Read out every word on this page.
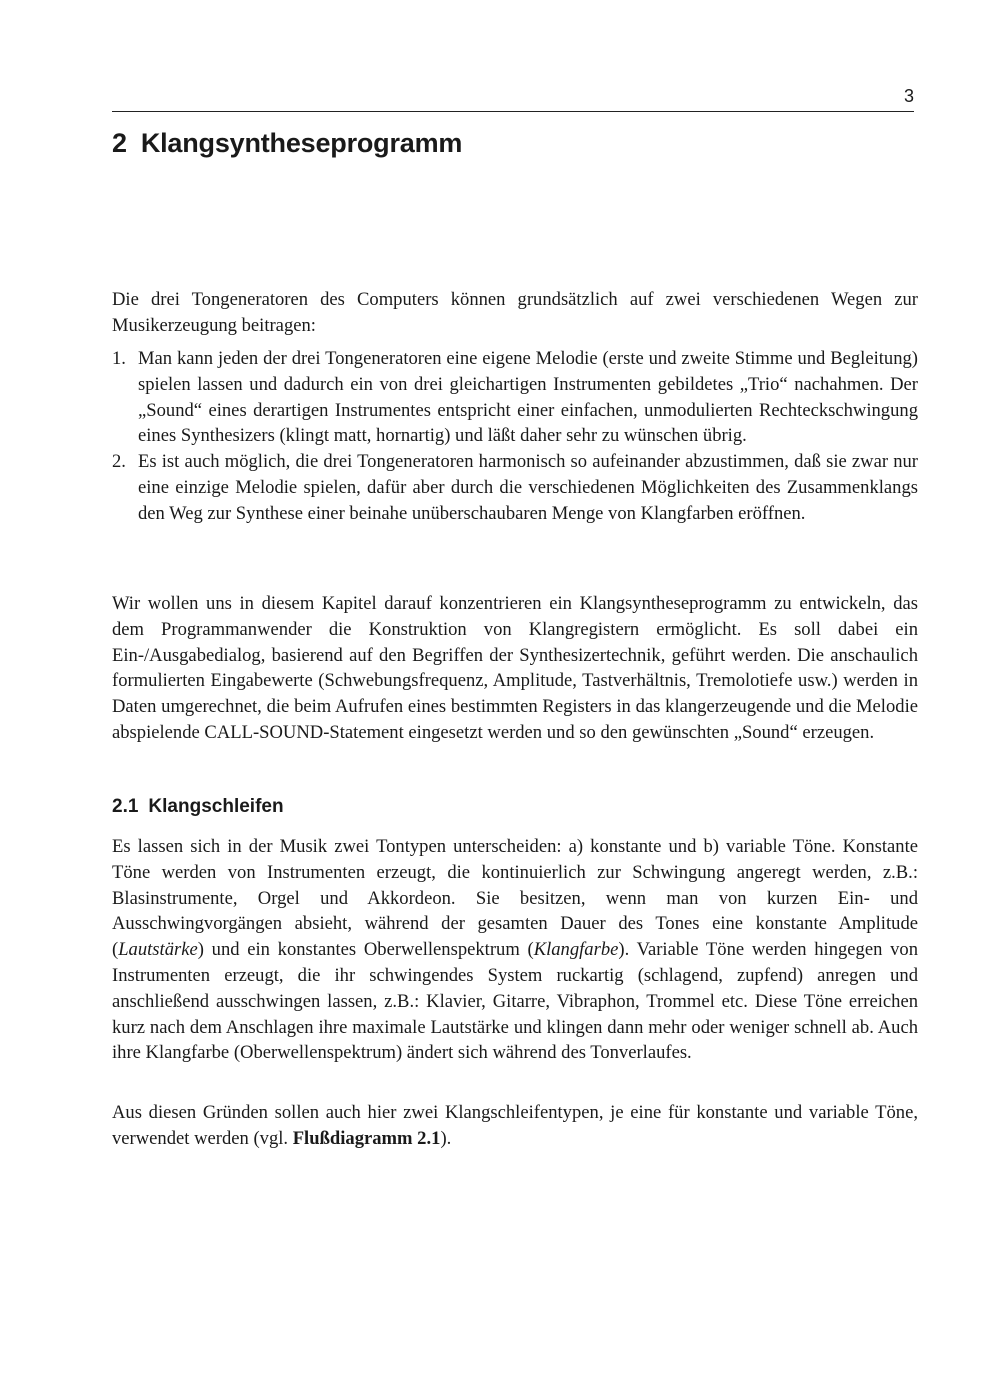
3
2 Klangsyntheseprogramm

Die drei Tongeneratoren des Computers können grundsätzlich auf zwei verschiedenen Wegen zur Musikerzeugung beitragen:

1. Man kann jeden der drei Tongeneratoren eine eigene Melodie (erste und zweite Stimme und Begleitung) spielen lassen und dadurch ein von drei gleichartigen Instrumenten gebildetes „Trio“ nachahmen. Der „Sound“ eines derartigen Instrumentes entspricht einer einfachen, unmodulierten Rechteckschwingung eines Synthesizers (klingt matt, hornartig) und läßt daher sehr zu wünschen übrig.
2. Es ist auch möglich, die drei Tongeneratoren harmonisch so aufeinander abzustimmen, daß sie zwar nur eine einzige Melodie spielen, dafür aber durch die verschiedenen Möglichkeiten des Zusammenklangs den Weg zur Synthese einer beinahe unüberschaubaren Menge von Klangfarben eröffnen.

Wir wollen uns in diesem Kapitel darauf konzentrieren ein Klangsyntheseprogramm zu entwickeln, das dem Programmanwender die Konstruktion von Klangregistern ermöglicht. Es soll dabei ein Ein-/Ausgabedialog, basierend auf den Begriffen der Synthesizertechnik, geführt werden. Die anschaulich formulierten Eingabewerte (Schwebungsfrequenz, Amplitude, Tastverhältnis, Tremolotiefe usw.) werden in Daten umgerechnet, die beim Aufrufen eines bestimmten Registers in das klangerzeugende und die Melodie abspielende CALL-SOUND-Statement eingesetzt werden und so den gewünschten „Sound“ erzeugen.

2.1 Klangschleifen

Es lassen sich in der Musik zwei Tontypen unterscheiden: a) konstante und b) variable Töne. Konstante Töne werden von Instrumenten erzeugt, die kontinuierlich zur Schwingung angeregt werden, z.B.: Blasinstrumente, Orgel und Akkordeon. Sie besitzen, wenn man von kurzen Ein- und Ausschwingvorgängen absieht, während der gesamten Dauer des Tones eine konstante Amplitude (Lautstärke) und ein konstantes Oberwellenspektrum (Klangfarbe). Variable Töne werden hingegen von Instrumenten erzeugt, die ihr schwingendes System ruckartig (schlagend, zupfend) anregen und anschließend ausschwingen lassen, z.B.: Klavier, Gitarre, Vibraphon, Trommel etc. Diese Töne erreichen kurz nach dem Anschlagen ihre maximale Lautstärke und klingen dann mehr oder weniger schnell ab. Auch ihre Klangfarbe (Oberwellenspektrum) ändert sich während des Tonverlaufes.

Aus diesen Gründen sollen auch hier zwei Klangschleifentypen, je eine für konstante und variable Töne, verwendet werden (vgl. Flußdiagramm 2.1).
